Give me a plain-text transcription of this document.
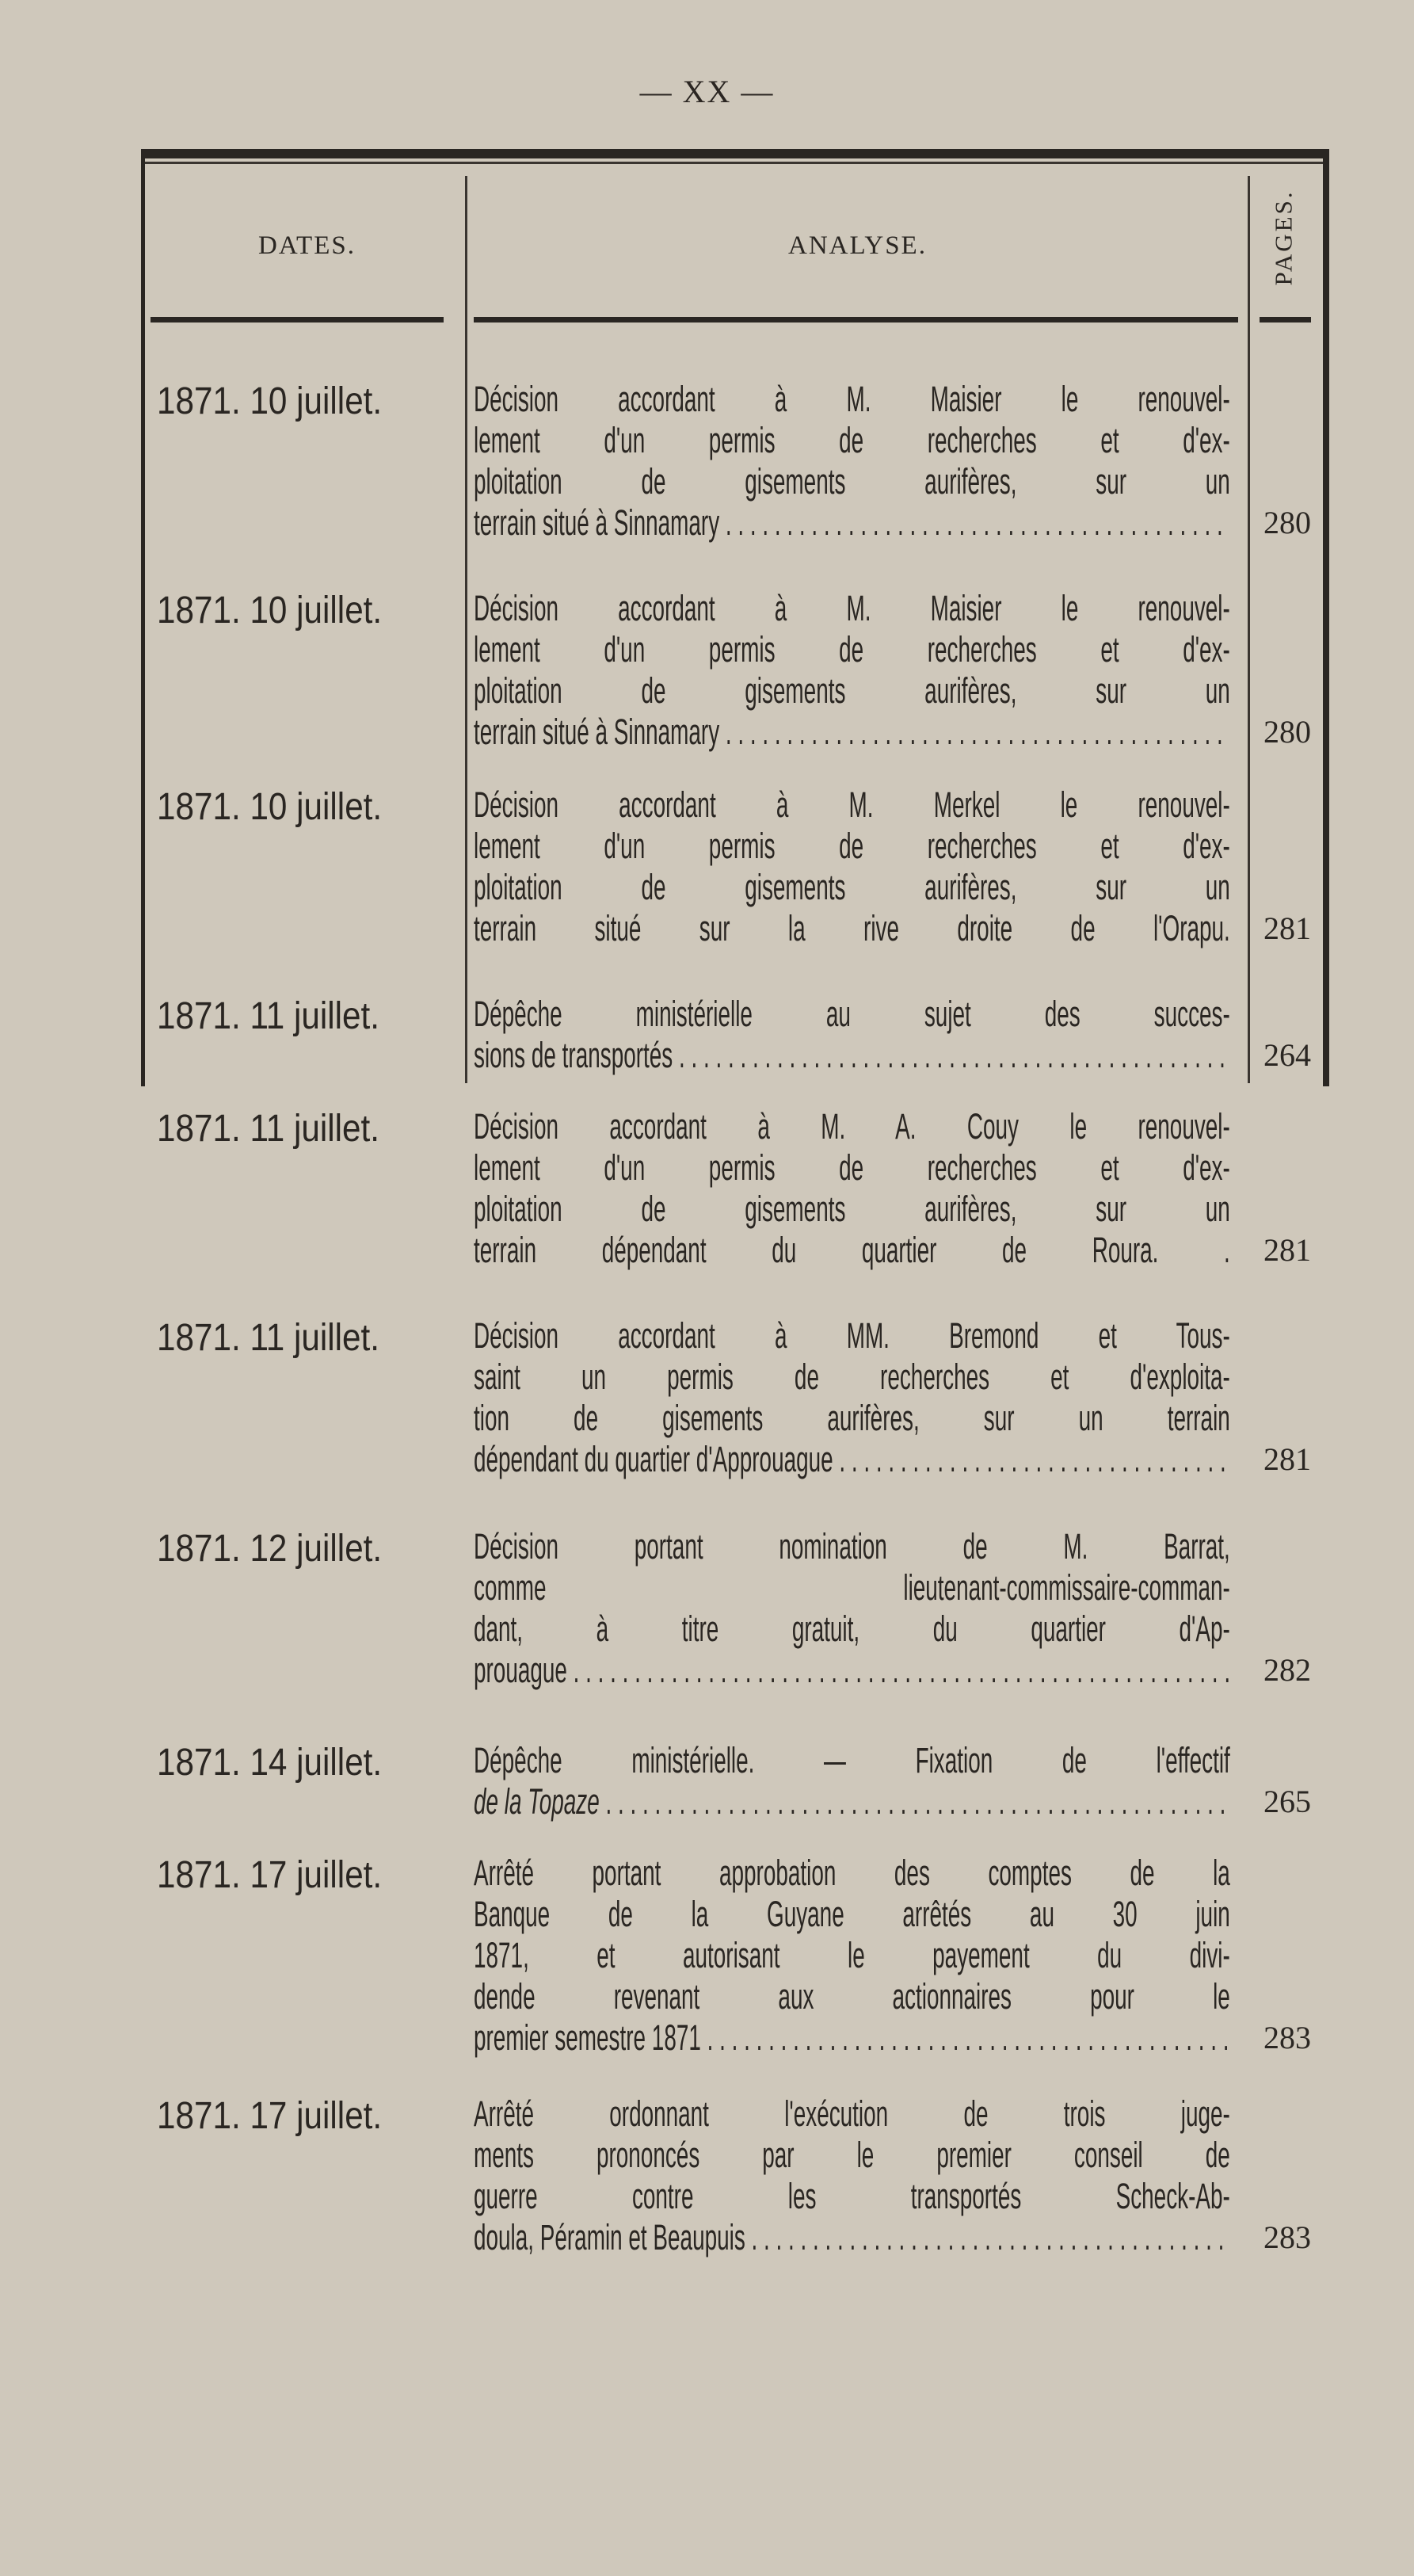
— XX —
DATES.	ANALYSE.	PAGES.
1871. 10 juillet.	Décision accordant à M. Maisier le renouvel-
lement d'un permis de recherches et d'ex-
ploitation de gisements aurifères, sur un
terrain situé à Sinnamary . . .	280
1871. 10 juillet.	Décision accordant à M. Maisier le renouvel-
lement d'un permis de recherches et d'ex-
ploitation de gisements aurifères, sur un
terrain situé à Sinnamary . . .	280
1871. 10 juillet.	Décision accordant à M. Merkel le renouvel-
lement d'un permis de recherches et d'ex-
ploitation de gisements aurifères, sur un
terrain situé sur la rive droite de l'Orapu. 281
1871. 11 juillet.	Dépêche ministérielle au sujet des succes-
sions de transportés . . .	264
1871. 11 juillet.	Décision accordant à M. A. Couy le renouvel-
lement d'un permis de recherches et d'ex-
ploitation de gisements aurifères, sur un
terrain dépendant du quartier de Roura. . 281
1871. 11 juillet.	Décision accordant à MM. Bremond et Tous-
saint un permis de recherches et d'exploita-
tion de gisements aurifères, sur un terrain
dépendant du quartier d'Approuague . . .	281
1871. 12 juillet.	Décision portant nomination de M. Barrat,
comme lieutenant-commissaire-comman-
dant, à titre gratuit, du quartier d'Ap-
prouague . . .	282
1871. 14 juillet.	Dépêche ministérielle. — Fixation de l'effectif
de la Topaze . . .	265
1871. 17 juillet.	Arrêté portant approbation des comptes de la
Banque de la Guyane arrêtés au 30 juin
1871, et autorisant le payement du divi-
dende revenant aux actionnaires pour le
premier semestre 1871 . . .	283
1871. 17 juillet.	Arrêté ordonnant l'exécution de trois juge-
ments prononcés par le premier conseil de
guerre contre les transportés Scheck-Ab-
doula, Péramin et Beaupuis . . .	283
